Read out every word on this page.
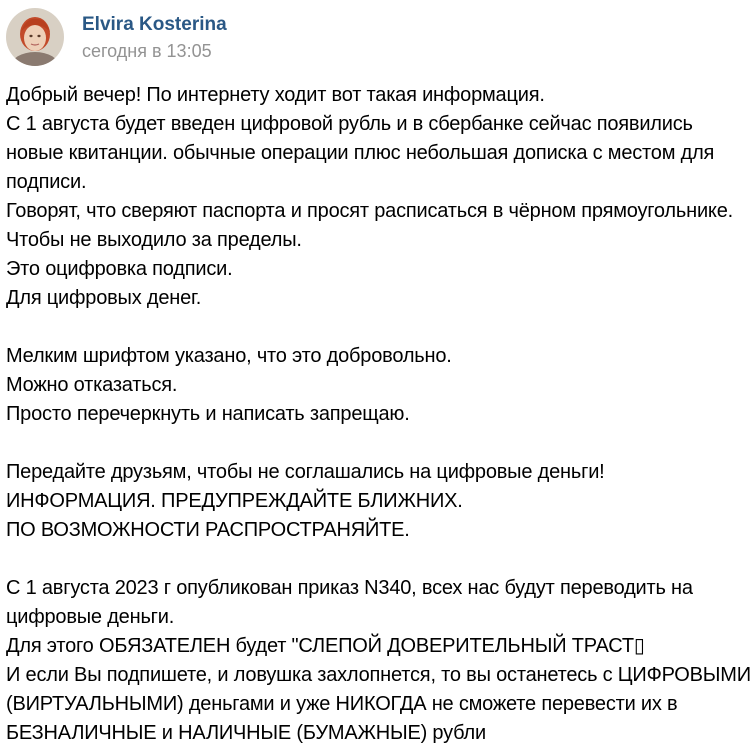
Elvira Kosterina
сегодня в 13:05
Добрый вечер! По интернету ходит вот такая информация.
С 1 августа будет введен цифровой рубль и в сбербанке сейчас появились
новые квитанции. обычные операции плюс небольшая дописка с местом для
подписи.
Говорят, что сверяют паспорта и просят расписаться в чёрном прямоугольнике.
Чтобы не выходило за пределы.
Это оцифровка подписи.
Для цифровых денег.
Мелким шрифтом указано, что это добровольно.
Можно отказаться.
Просто перечеркнуть и написать запрещаю.
Передайте друзьям, чтобы не соглашались на цифровые деньги!
ИНФОРМАЦИЯ. ПРЕДУПРЕЖДАЙТЕ БЛИЖНИХ.
ПО ВОЗМОЖНОСТИ РАСПРОСТРАНЯЙТЕ.
С 1 августа 2023 г опубликован приказ N340, всех нас будут переводить на
цифровые деньги.
Для этого ОБЯЗАТЕЛЕН будет "СЛЕПОЙ ДОВЕРИТЕЛЬНЫЙ ТРАСТ▯
И если Вы подпишете, и ловушка захлопнется, то вы останетесь с ЦИФРОВЫМИ
(ВИРТУАЛЬНЫМИ) деньгами и уже НИКОГДА не сможете перевести их в
БЕЗНАЛИЧНЫЕ и НАЛИЧНЫЕ (БУМАЖНЫЕ) рубли
